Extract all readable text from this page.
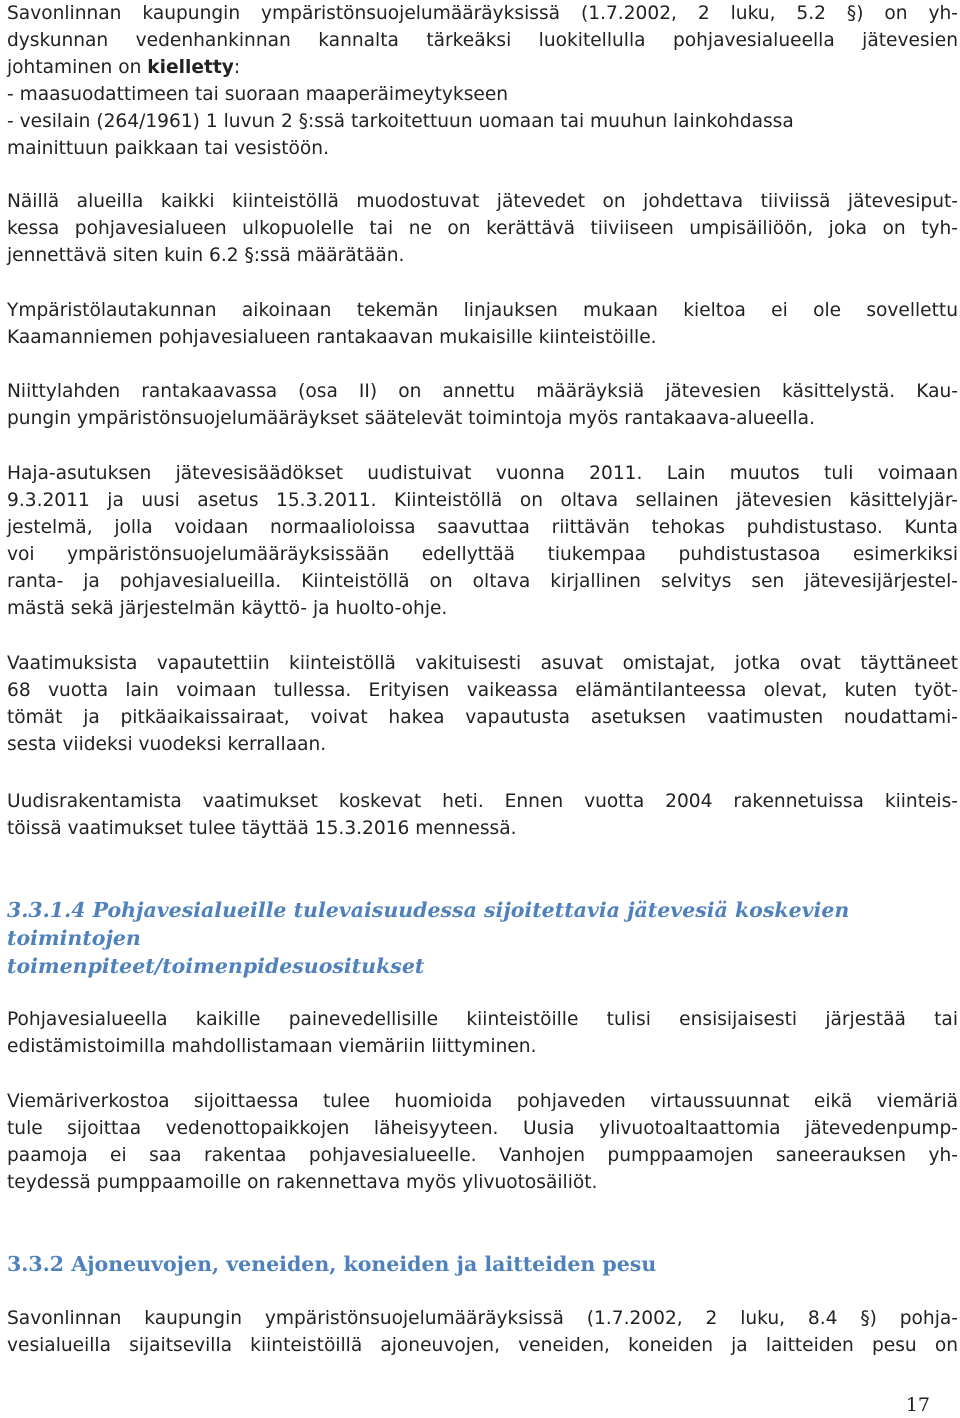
Savonlinnan kaupungin ympäristönsuojelumääräyksissä (1.7.2002, 2 luku, 5.2 §) on yh-
dyskunnan vedenhankinnan kannalta tärkeäksi luokitellulla pohjavesialueella jätevesien
johtaminen on kielletty:
- maasuodattimeen tai suoraan maaperäimeytykseen
- vesilain (264/1961) 1 luvun 2 §:ssä tarkoitettuun uomaan tai muuhun lainkohdassa
mainittuun paikkaan tai vesistöön.
Näillä alueilla kaikki kiinteistöllä muodostuvat jätevedet on johdettava tiiviissä jätevesiput-
kessa pohjavesialueen ulkopuolelle tai ne on kerättävä tiiviiseen umpisäiliöön, joka on tyh-
jennettävä siten kuin 6.2 §:ssä määrätään.
Ympäristölautakunnan aikoinaan tekemän linjauksen mukaan kieltoa ei ole sovellettu
Kaamanniemen pohjavesialueen rantakaavan mukaisille kiinteistöille.
Niittylahden rantakaavassa (osa II) on annettu määräyksiä jätevesien käsittelystä. Kau-
pungin ympäristönsuojelumääräykset säätelevät toimintoja myös rantakaava-alueella.
Haja-asutuksen jätevesisäädökset uudistuivat vuonna 2011. Lain muutos tuli voimaan
9.3.2011 ja uusi asetus 15.3.2011. Kiinteistöllä on oltava sellainen jätevesien käsittelyjär-
jestelmä, jolla voidaan normaalioloissa saavuttaa riittävän tehokas puhdistustaso. Kunta
voi ympäristönsuojelumääräyksissään edellyttää tiukempaa puhdistustasoa esimerkiksi
ranta- ja pohjavesialueilla. Kiinteistöllä on oltava kirjallinen selvitys sen jätevesijärjestel-
mästä sekä järjestelmän käyttö- ja huolto-ohje.
Vaatimuksista vapautettiin kiinteistöllä vakituisesti asuvat omistajat, jotka ovat täyttäneet
68 vuotta lain voimaan tullessa. Erityisen vaikeassa elämäntilanteessa olevat, kuten työt-
tömät ja pitkäaikaissairaat, voivat hakea vapautusta asetuksen vaatimusten noudattami-
sesta viideksi vuodeksi kerrallaan.
Uudisrakentamista vaatimukset koskevat heti. Ennen vuotta 2004 rakennetuissa kiinteis-
töissä vaatimukset tulee täyttää 15.3.2016 mennessä.
3.3.1.4 Pohjavesialueille tulevaisuudessa sijoitettavia jätevesiä koskevien toimintojen
toimenpiteet/toimenpidesuositukset
Pohjavesialueella kaikille painevedellisille kiinteistöille tulisi ensisijaisesti järjestää tai
edistämistoimilla mahdollistamaan viemäriin liittyminen.
Viemäriverkostoa sijoittaessa tulee huomioida pohjaveden virtaussuunnat eikä viemäriä
tule sijoittaa vedenottopaikkojen läheisyyteen. Uusia ylivuotoaltaattomia jätevedenpump-
paamoja ei saa rakentaa pohjavesialueelle. Vanhojen pumppaamojen saneerauksen yh-
teydessä pumppaamoille on rakennettava myös ylivuotosäiliöt.
3.3.2 Ajoneuvojen, veneiden, koneiden ja laitteiden pesu
Savonlinnan kaupungin ympäristönsuojelumääräyksissä (1.7.2002, 2 luku, 8.4 §) pohja-
vesialueilla sijaitsevilla kiinteistöillä ajoneuvojen, veneiden, koneiden ja laitteiden pesu on
17
